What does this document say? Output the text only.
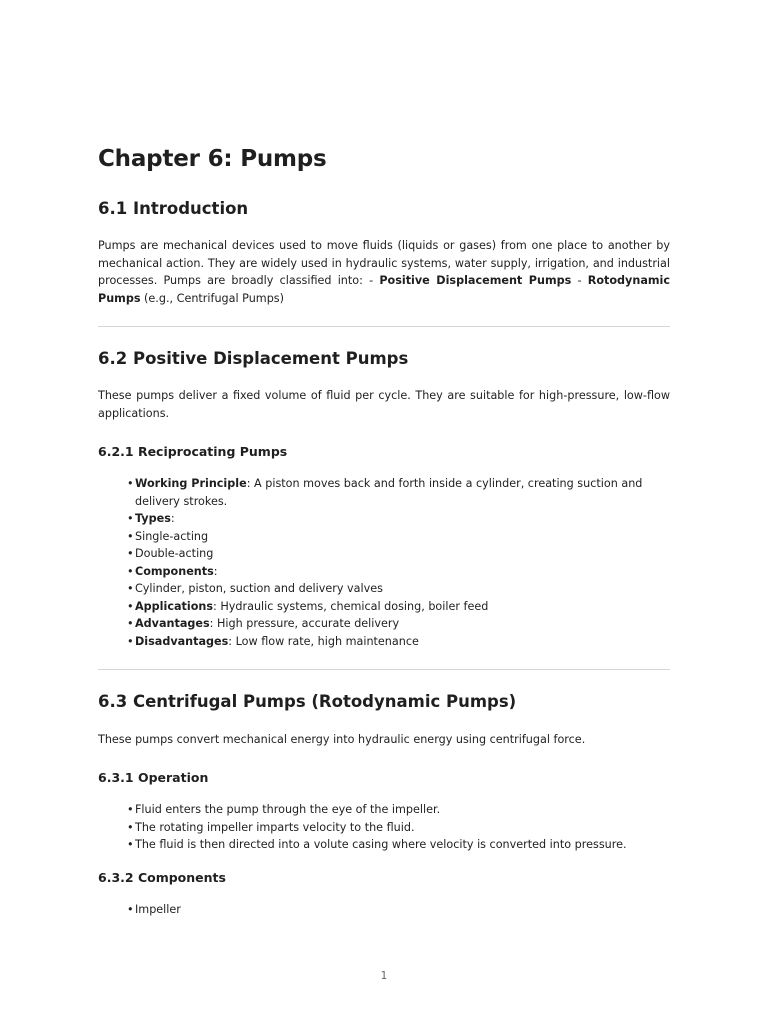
Chapter 6: Pumps
6.1 Introduction

Pumps are mechanical devices used to move fluids (liquids or gases) from one place to another by mechanical action. They are widely used in hydraulic systems, water supply, irrigation, and industrial processes. Pumps are broadly classified into: - Positive Displacement Pumps - Rotodynamic Pumps (e.g., Centrifugal Pumps)

6.2 Positive Displacement Pumps

These pumps deliver a fixed volume of fluid per cycle. They are suitable for high-pressure, low-flow applications.

6.2.1 Reciprocating Pumps
• Working Principle: A piston moves back and forth inside a cylinder, creating suction and delivery strokes.
• Types:
• Single-acting
• Double-acting
• Components:
• Cylinder, piston, suction and delivery valves
• Applications: Hydraulic systems, chemical dosing, boiler feed
• Advantages: High pressure, accurate delivery
• Disadvantages: Low flow rate, high maintenance
6.3 Centrifugal Pumps (Rotodynamic Pumps)

These pumps convert mechanical energy into hydraulic energy using centrifugal force.

6.3.1 Operation
• Fluid enters the pump through the eye of the impeller.
• The rotating impeller imparts velocity to the fluid.
• The fluid is then directed into a volute casing where velocity is converted into pressure.
6.3.2 Components
• Impeller
1
